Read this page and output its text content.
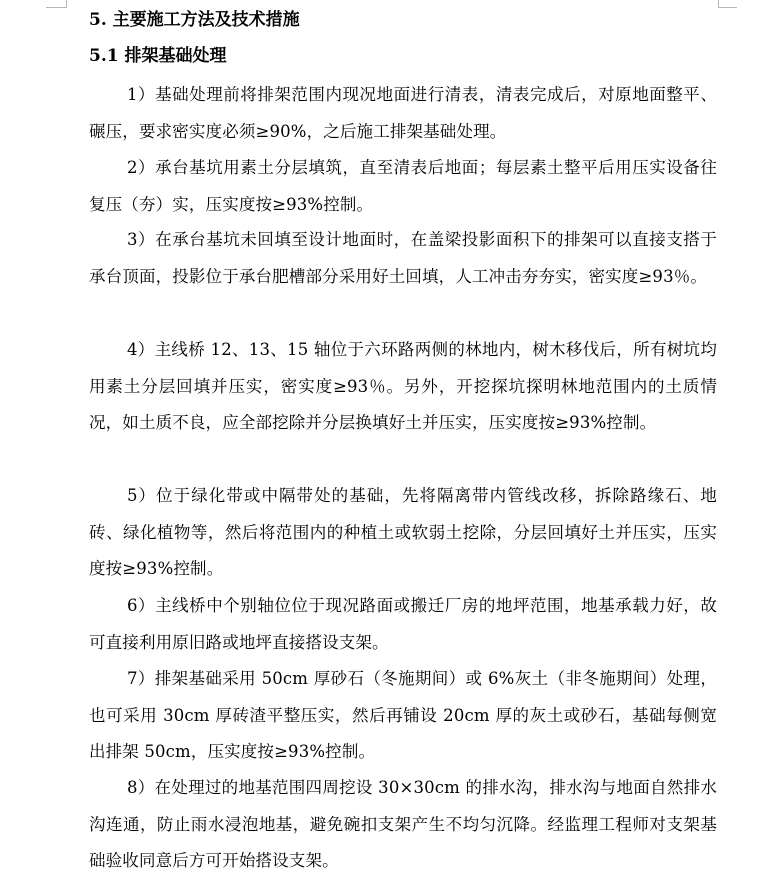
5. 主要施工方法及技术措施
5.1 排架基础处理
1）基础处理前将排架范围内现况地面进行清表，清表完成后，对原地面整平、碾压，要求密实度必须≥90%，之后施工排架基础处理。
2）承台基坑用素土分层填筑，直至清表后地面；每层素土整平后用压实设备往复压（夯）实，压实度按≥93%控制。
3）在承台基坑未回填至设计地面时，在盖梁投影面积下的排架可以直接支搭于承台顶面，投影位于承台肥槽部分采用好土回填，人工冲击夯夯实，密实度≥93％。
4）主线桥 12、13、15 轴位于六环路两侧的林地内，树木移伐后，所有树坑均用素土分层回填并压实，密实度≥93％。另外，开挖探坑探明林地范围内的土质情况，如土质不良，应全部挖除并分层换填好土并压实，压实度按≥93%控制。
5）位于绿化带或中隔带处的基础，先将隔离带内管线改移，拆除路缘石、地砖、绿化植物等，然后将范围内的种植土或软弱土挖除，分层回填好土并压实，压实度按≥93%控制。
6）主线桥中个别轴位位于现况路面或搬迁厂房的地坪范围，地基承载力好，故可直接利用原旧路或地坪直接搭设支架。
7）排架基础采用 50cm 厚砂石（冬施期间）或 6%灰土（非冬施期间）处理，也可采用 30cm 厚砖渣平整压实，然后再铺设 20cm 厚的灰土或砂石，基础每侧宽出排架 50cm，压实度按≥93%控制。
8）在处理过的地基范围四周挖设 30×30cm 的排水沟，排水沟与地面自然排水沟连通，防止雨水浸泡地基，避免碗扣支架产生不均匀沉降。经监理工程师对支架基础验收同意后方可开始搭设支架。
